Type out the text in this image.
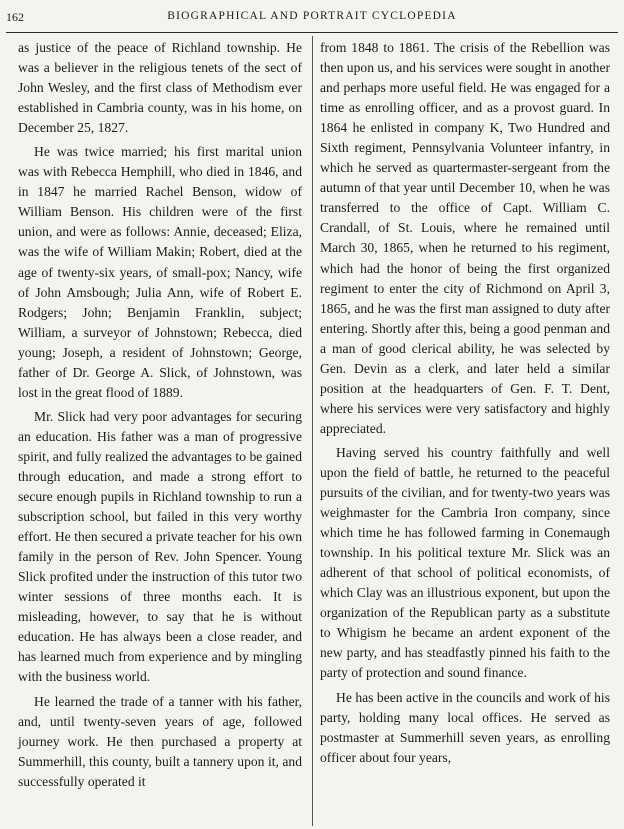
162	BIOGRAPHICAL AND PORTRAIT CYCLOPEDIA

as justice of the peace of Richland township. He was a believer in the religious tenets of the sect of John Wesley, and the first class of Methodism ever established in Cambria county, was in his home, on December 25, 1827.

He was twice married; his first marital union was with Rebecca Hemphill, who died in 1846, and in 1847 he married Rachel Benson, widow of William Benson. His children were of the first union, and were as follows: Annie, deceased; Eliza, was the wife of William Makin; Robert, died at the age of twenty-six years, of small-pox; Nancy, wife of John Amsbough; Julia Ann, wife of Robert E. Rodgers; John; Benjamin Franklin, subject; William, a surveyor of Johnstown; Rebecca, died young; Joseph, a resident of Johnstown; George, father of Dr. George A. Slick, of Johnstown, was lost in the great flood of 1889.

Mr. Slick had very poor advantages for securing an education. His father was a man of progressive spirit, and fully realized the advantages to be gained through education, and made a strong effort to secure enough pupils in Richland township to run a subscription school, but failed in this very worthy effort. He then secured a private teacher for his own family in the person of Rev. John Spencer. Young Slick profited under the instruction of this tutor two winter sessions of three months each. It is misleading, however, to say that he is without education. He has always been a close reader, and has learned much from experience and by mingling with the business world.

He learned the trade of a tanner with his father, and, until twenty-seven years of age, followed journey work. He then purchased a property at Summerhill, this county, built a tannery upon it, and successfully operated it

from 1848 to 1861. The crisis of the Rebellion was then upon us, and his services were sought in another and perhaps more useful field. He was engaged for a time as enrolling officer, and as a provost guard. In 1864 he enlisted in company K, Two Hundred and Sixth regiment, Pennsylvania Volunteer infantry, in which he served as quartermaster-sergeant from the autumn of that year until December 10, when he was transferred to the office of Capt. William C. Crandall, of St. Louis, where he remained until March 30, 1865, when he returned to his regiment, which had the honor of being the first organized regiment to enter the city of Richmond on April 3, 1865, and he was the first man assigned to duty after entering. Shortly after this, being a good penman and a man of good clerical ability, he was selected by Gen. Devin as a clerk, and later held a similar position at the headquarters of Gen. F. T. Dent, where his services were very satisfactory and highly appreciated.

Having served his country faithfully and well upon the field of battle, he returned to the peaceful pursuits of the civilian, and for twenty-two years was weighmaster for the Cambria Iron company, since which time he has followed farming in Conemaugh township. In his political texture Mr. Slick was an adherent of that school of political economists, of which Clay was an illustrious exponent, but upon the organization of the Republican party as a substitute to Whigism he became an ardent exponent of the new party, and has steadfastly pinned his faith to the party of protection and sound finance.

He has been active in the councils and work of his party, holding many local offices. He served as postmaster at Summerhill seven years, as enrolling officer about four years,
